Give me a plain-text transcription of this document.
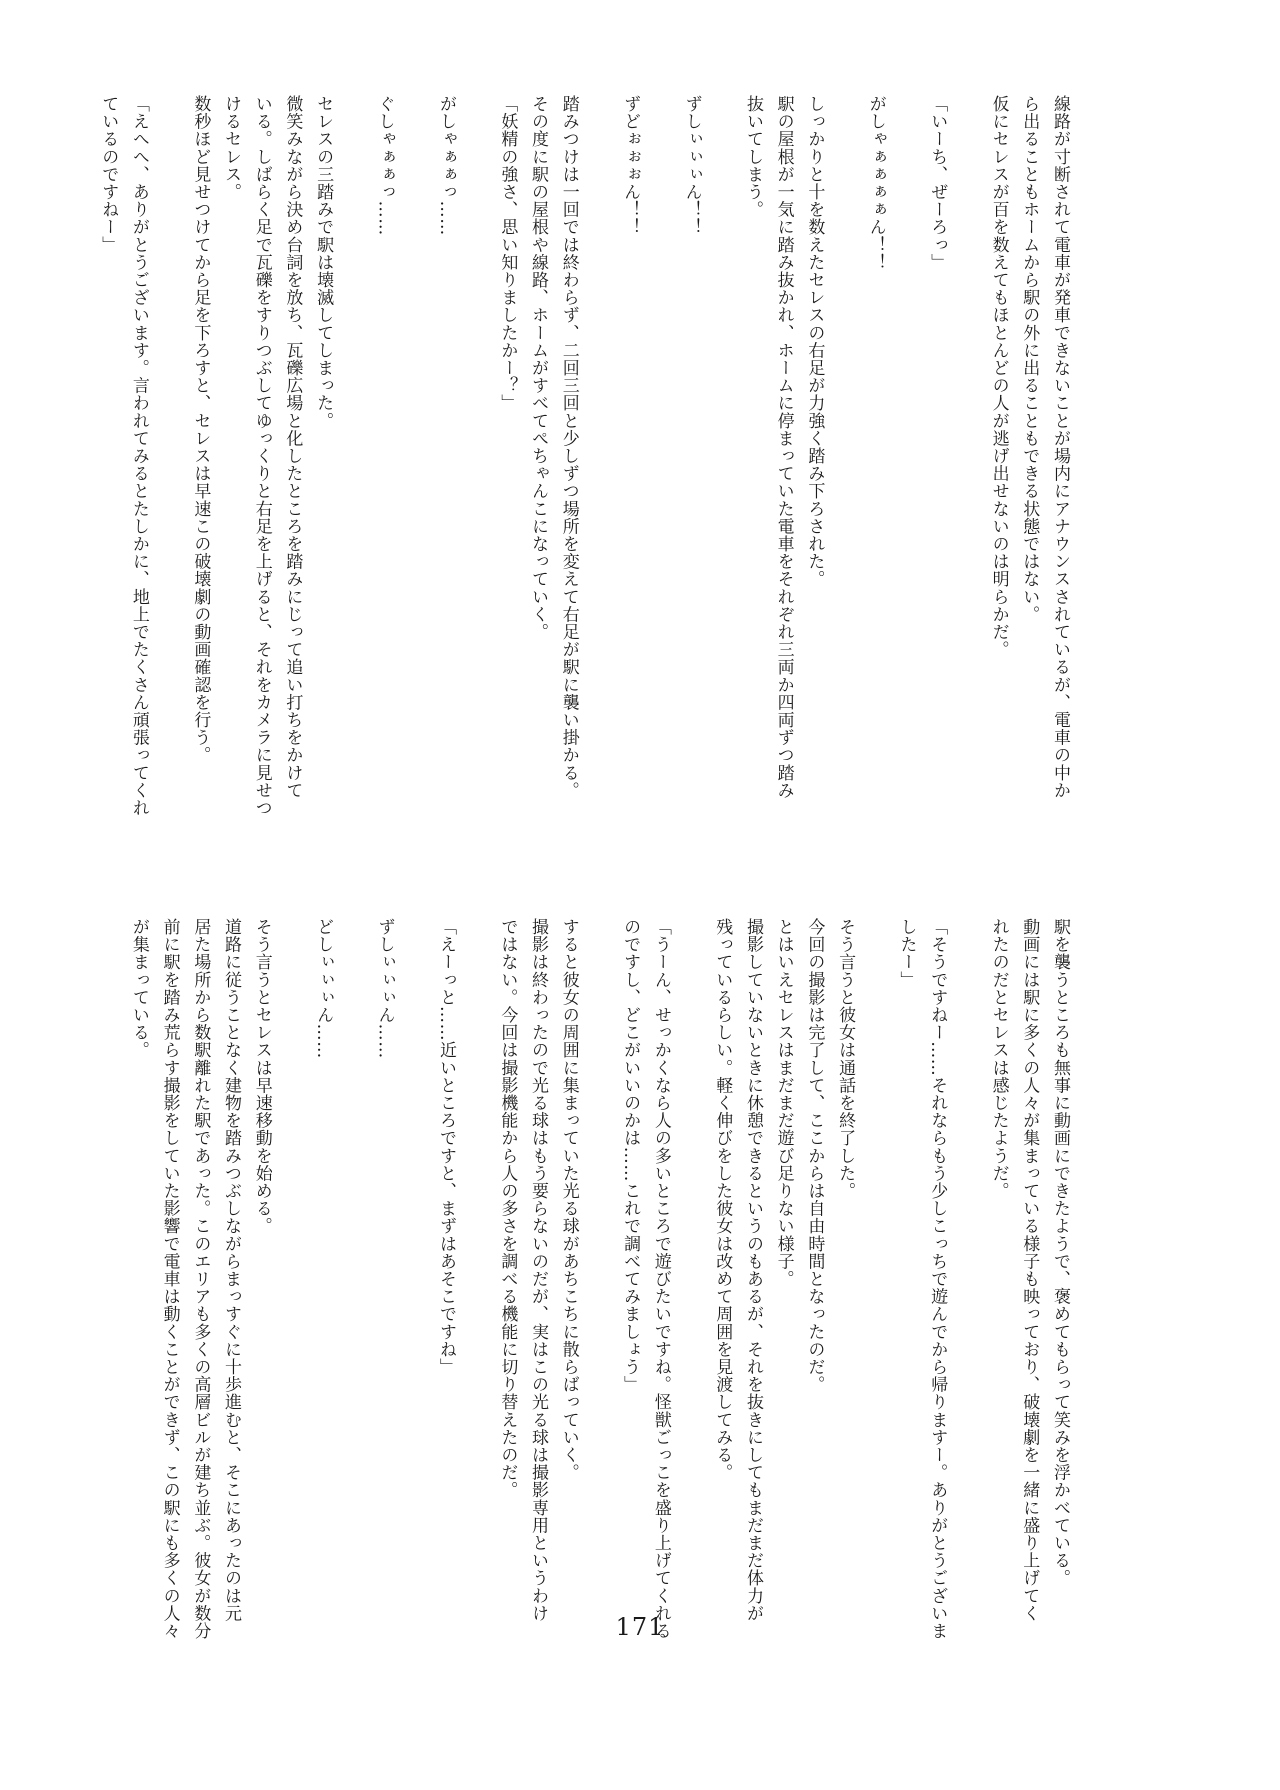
線路が寸断されて電車が発車できないことが場内にアナウンスされているが、電車の中か
ら出ることもホームから駅の外に出ることもできる状態ではない。
仮にセレスが百を数えてもほとんどの人が逃げ出せないのは明らかだ。
「いーち、ぜーろっ」
がしゃぁぁぁぁん！！
しっかりと十を数えたセレスの右足が力強く踏み下ろされた。
駅の屋根が一気に踏み抜かれ、ホームに停まっていた電車をそれぞれ三両か四両ずつ踏み
抜いてしまう。
ずしぃぃぃん！！
ずどぉぉぉん！！
踏みつけは一回では終わらず、二回三回と少しずつ場所を変えて右足が駅に襲い掛かる。
その度に駅の屋根や線路、ホームがすべてぺちゃんこになっていく。
「妖精の強さ、思い知りましたかー？」
がしゃぁぁっ……
ぐしゃぁぁっ……
セレスの三踏みで駅は壊滅してしまった。
微笑みながら決め台詞を放ち、瓦礫広場と化したところを踏みにじって追い打ちをかけて
いる。しばらく足で瓦礫をすりつぶしてゆっくりと右足を上げると、それをカメラに見せつ
けるセレス。
数秒ほど見せつけてから足を下ろすと、セレスは早速この破壊劇の動画確認を行う。
「えへへ、ありがとうございます。言われてみるとたしかに、地上でたくさん頑張ってくれ
ているのですねー」
駅を襲うところも無事に動画にできたようで、褒めてもらって笑みを浮かべている。
動画には駅に多くの人々が集まっている様子も映っており、破壊劇を一緒に盛り上げてく
れたのだとセレスは感じたようだ。
「そうですねー……それならもう少しこっちで遊んでから帰りますー。ありがとうございま
したー」
そう言うと彼女は通話を終了した。
今回の撮影は完了して、ここからは自由時間となったのだ。
とはいえセレスはまだまだ遊び足りない様子。
撮影していないときに休憩できるというのもあるが、それを抜きにしてもまだまだ体力が
残っているらしい。軽く伸びをした彼女は改めて周囲を見渡してみる。
「うーん、せっかくなら人の多いところで遊びたいですね。怪獣ごっこを盛り上げてくれる
のですし、どこがいいのかは……これで調べてみましょう」
すると彼女の周囲に集まっていた光る球があちこちに散らばっていく。
撮影は終わったので光る球はもう要らないのだが、実はこの光る球は撮影専用というわけ
ではない。今回は撮影機能から人の多さを調べる機能に切り替えたのだ。
「えーっと……近いところですと、まずはあそこですね」
ずしぃぃぃん……
どしぃぃぃん……
そう言うとセレスは早速移動を始める。
道路に従うことなく建物を踏みつぶしながらまっすぐに十歩進むと、そこにあったのは元
居た場所から数駅離れた駅であった。このエリアも多くの高層ビルが建ち並ぶ。彼女が数分
前に駅を踏み荒らす撮影をしていた影響で電車は動くことができず、この駅にも多くの人々
が集まっている。
171
